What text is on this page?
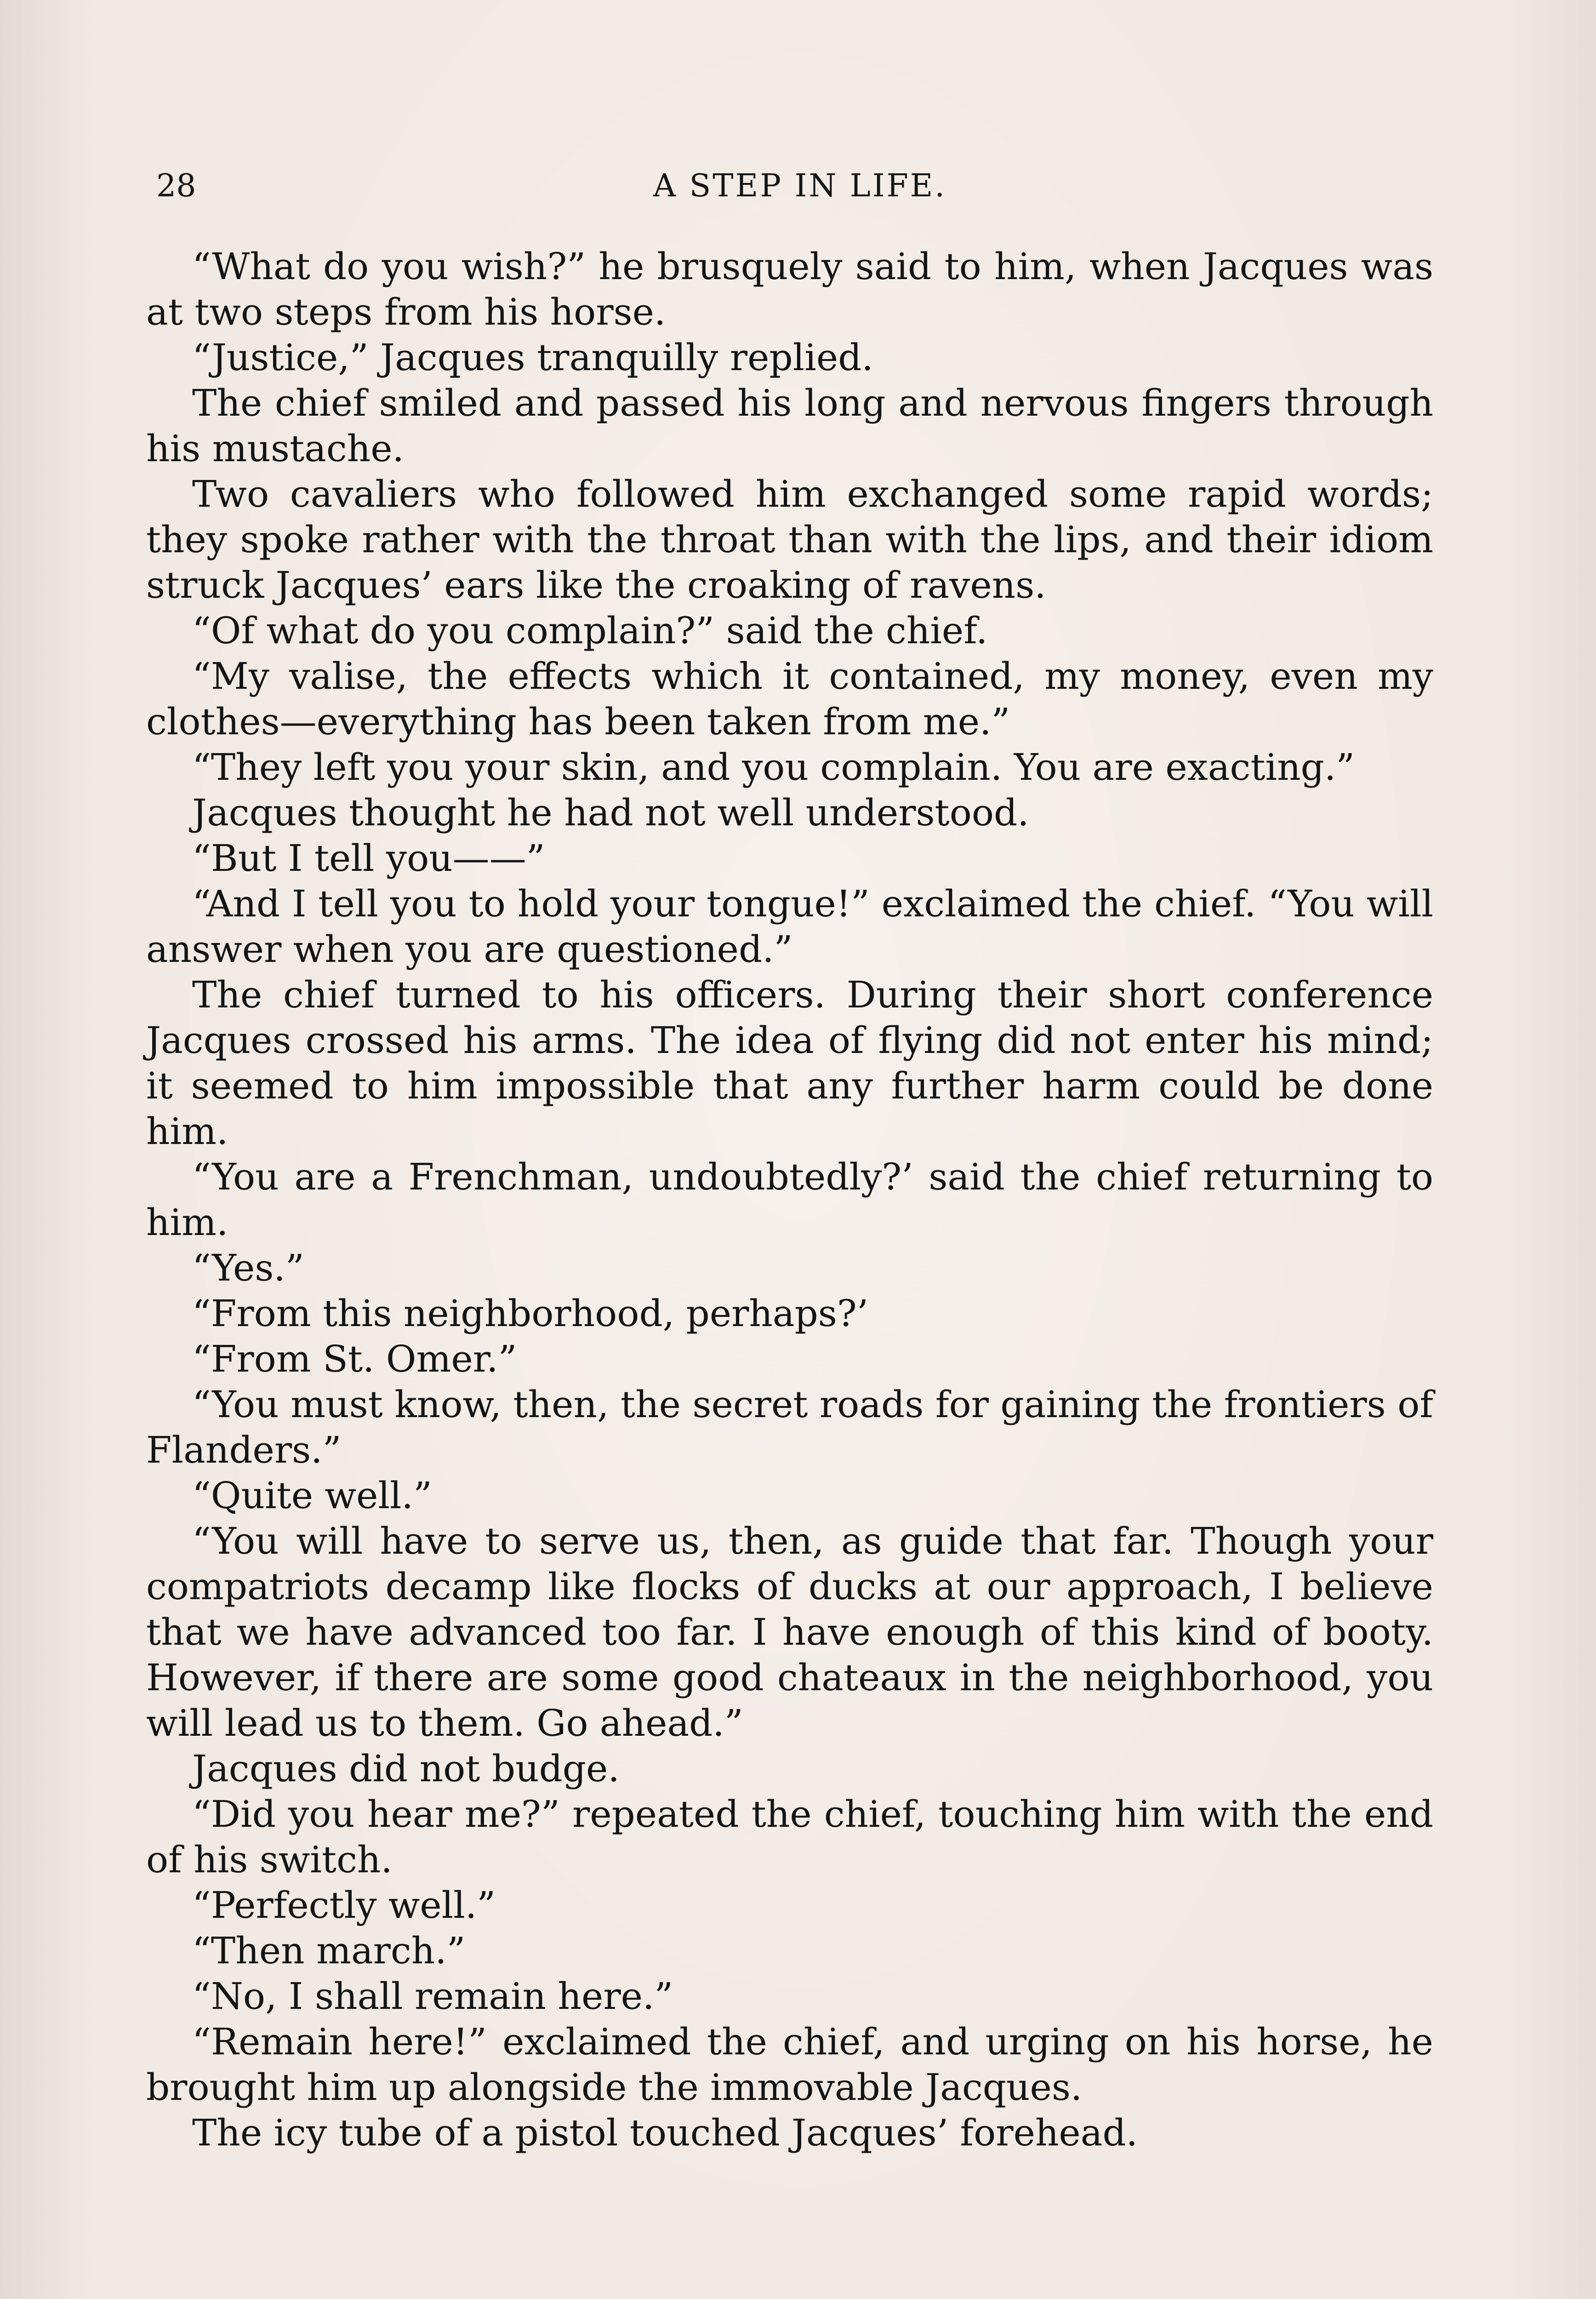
28	A STEP IN LIFE.

“What do you wish?” he brusquely said to him, when Jacques was at two steps from his horse.

“Justice,” Jacques tranquilly replied.

The chief smiled and passed his long and nervous fingers through his mustache.

Two cavaliers who followed him exchanged some rapid words; they spoke rather with the throat than with the lips, and their idiom struck Jacques’ ears like the croaking of ravens.

“Of what do you complain?” said the chief.

“My valise, the effects which it contained, my money, even my clothes—everything has been taken from me.”

“They left you your skin, and you complain. You are exacting.”

Jacques thought he had not well understood.

“But I tell you——”

“And I tell you to hold your tongue!” exclaimed the chief. “You will answer when you are questioned.”

The chief turned to his officers. During their short conference Jacques crossed his arms. The idea of flying did not enter his mind; it seemed to him impossible that any further harm could be done him.

“You are a Frenchman, undoubtedly?’ said the chief returning to him.

“Yes.”

“From this neighborhood, perhaps?’

“From St. Omer.”

“You must know, then, the secret roads for gaining the frontiers of Flanders.”

“Quite well.”

“You will have to serve us, then, as guide that far. Though your compatriots decamp like flocks of ducks at our approach, I believe that we have advanced too far. I have enough of this kind of booty. However, if there are some good chateaux in the neighborhood, you will lead us to them. Go ahead.”

Jacques did not budge.

“Did you hear me?” repeated the chief, touching him with the end of his switch.

“Perfectly well.”

“Then march.”

“No, I shall remain here.”

“Remain here!” exclaimed the chief, and urging on his horse, he brought him up alongside the immovable Jacques.

The icy tube of a pistol touched Jacques’ forehead.
